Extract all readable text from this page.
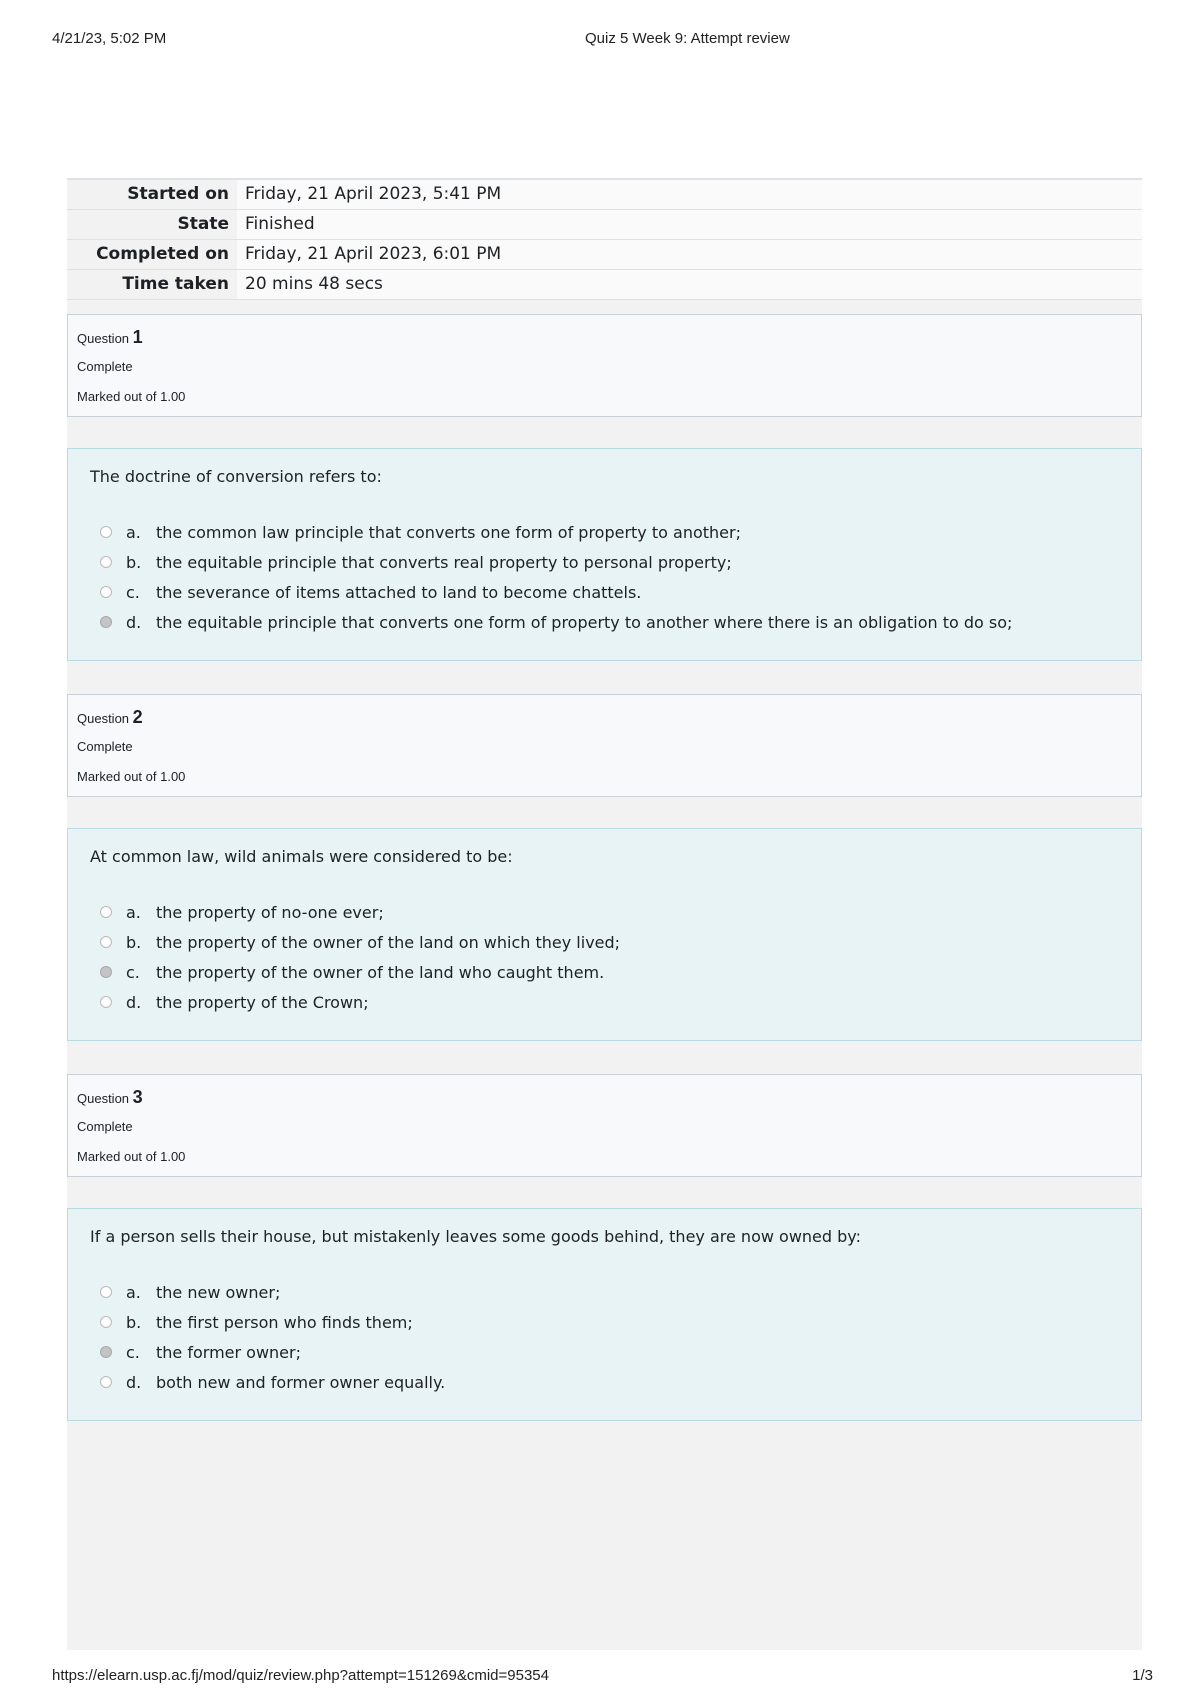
4/21/23, 5:02 PM	Quiz 5 Week 9: Attempt review
Started on Friday, 21 April 2023, 5:41 PM
State Finished
Completed on Friday, 21 April 2023, 6:01 PM
Time taken 20 mins 48 secs
Question 1
Complete
Marked out of 1.00
The doctrine of conversion refers to:
a. the common law principle that converts one form of property to another;
b. the equitable principle that converts real property to personal property;
c.	the severance of items attached to land to become chattels.
d. the equitable principle that converts one form of property to another where there is an obligation to do so;
Question 2
Complete
Marked out of 1.00
At common law, wild animals were considered to be:
a. the property of no-one ever;
b. the property of the owner of the land on which they lived;
c.	the property of the owner of the land who caught them.
d. the property of the Crown;
Question 3
Complete
Marked out of 1.00
If a person sells their house, but mistakenly leaves some goods behind, they are now owned by:
a. the new owner;
b. the first person who finds them;
c.	the former owner;
d. both new and former owner equally.
https://elearn.usp.ac.fj/mod/quiz/review.php?attempt=151269&cmid=95354	1/3
